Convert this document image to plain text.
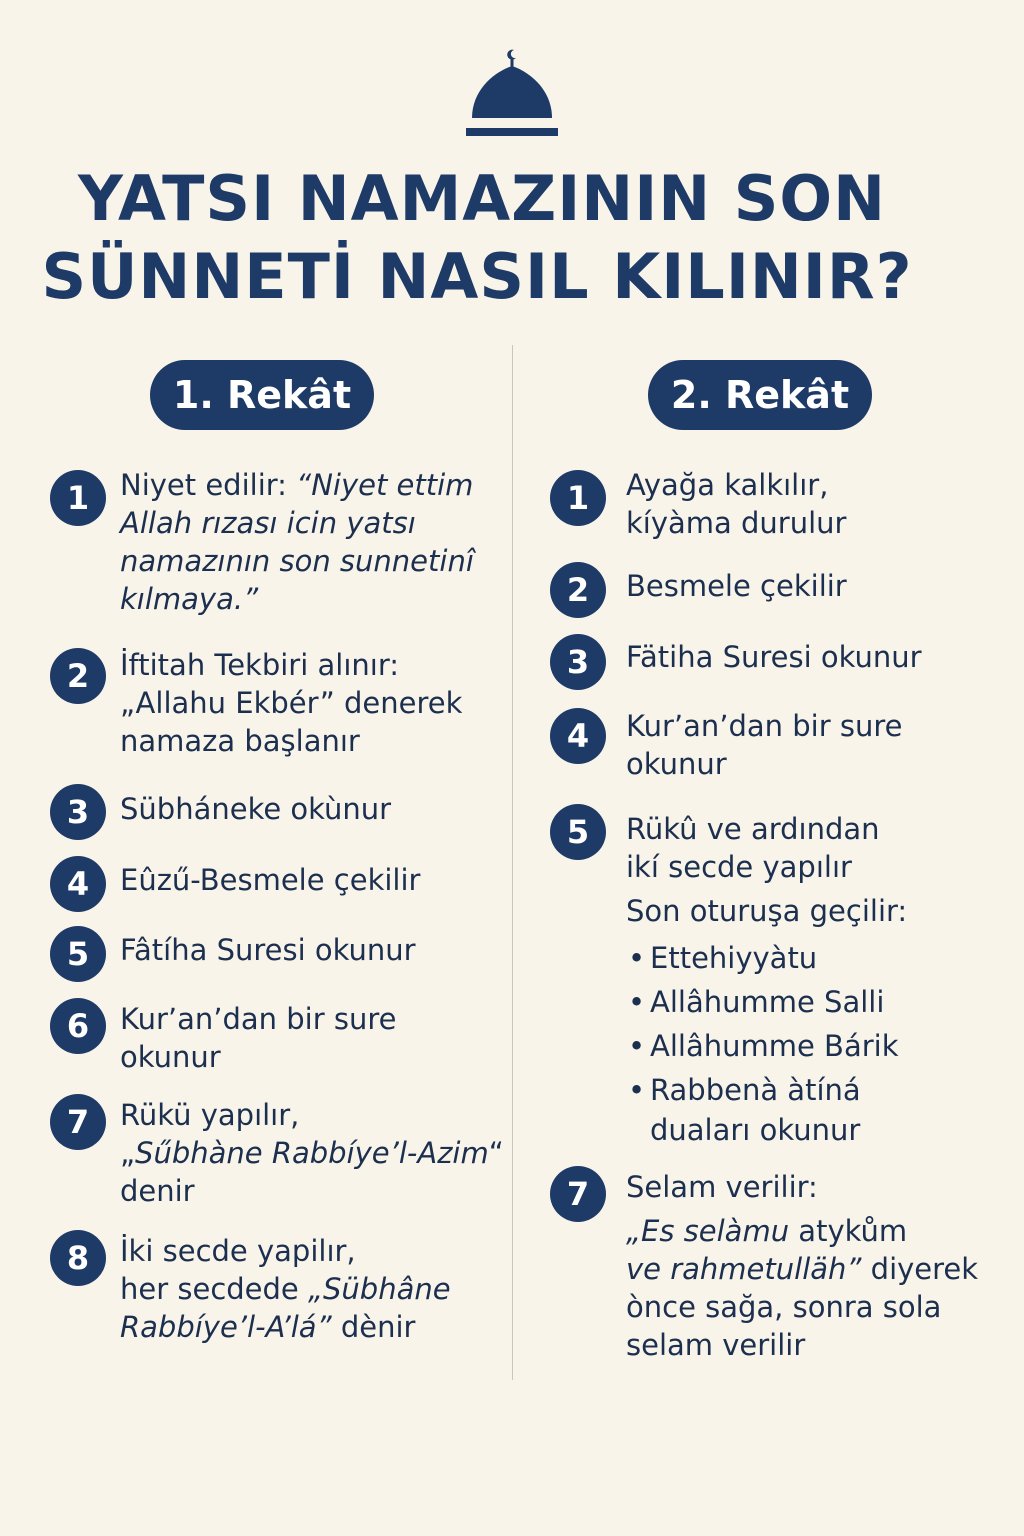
YATSI NAMAZININ SON
SÜNNETİ NASIL KILINIR?
1. Rekât	2. Rekât
1	Niyet edilir: “Niyet ettim
Allah rızası icin yatsı
namazının son sunnetinî
kılmaya.”
2	İftitah Tekbiri alınır:
„Allahu Ekbér” denerek
namaza başlanır
3	Sübháneke okùnur
4	Eûzű-Besmele çekilir
5	Fâtíha Suresi okunur
6	Kur’an’dan bir sure
okunur
7	Rükü yapılır,
„Sűbhàne Rabbíye’l-Azim“
denir
8	İki secde yapilır,
her secdede „Sübhâne
Rabbíye’l-A’lá” dènir
1	Ayağa kalkılır,
kíyàma durulur
2	Besmele çekilir
3	Fätiha Suresi okunur
4	Kur’an’dan bir sure
okunur
5	Rükû ve ardından
ikí secde yapılır
Son oturuşa geçilir:
• Ettehiyyàtu
• Allâhumme Salli
• Allâhumme Bárik
• Rabbenà àtíná
duaları okunur
7	Selam verilir:
„Es selàmu atykům
ve rahmetulläh” diyerek
ònce sağa, sonra sola
selam verilir
